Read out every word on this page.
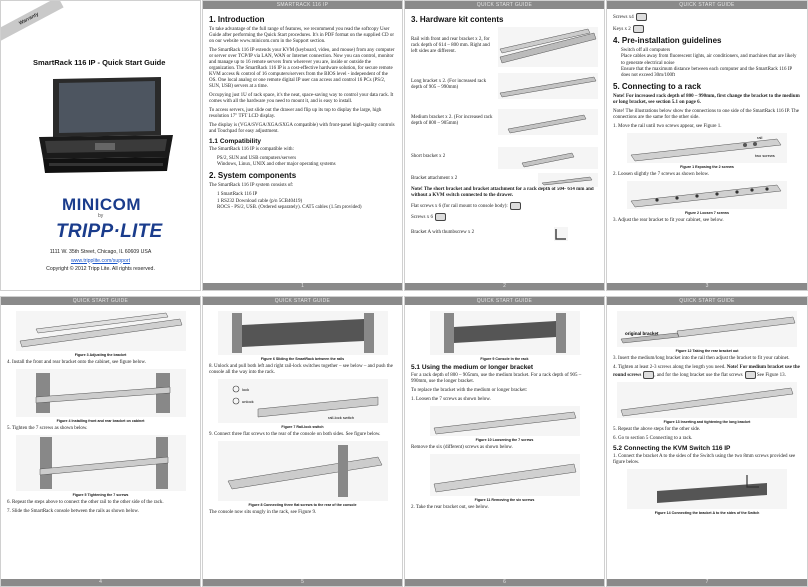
Warranty
SmartRack 116 IP - Quick Start Guide
MINICOM
by
TRIPP·LITE
1111 W. 35th Street, Chicago, IL 60609 USA
www.tripplite.com/support
Copyright © 2012 Tripp Lite. All rights reserved.
SMARTRACK 116 IP
1. Introduction

To take advantage of the full range of features, we recommend you read the softcopy User Guide after performing the Quick Start procedures. It's in PDF format on the supplied CD or on our website www.minicom.com in the Support section.

The SmartRack 116 IP extends your KVM (keyboard, video, and mouse) from any computer or server over TCP/IP via LAN, WAN or Internet connection. Now you can control, monitor and manage up to 16 remote servers from wherever you are, inside or outside the organization. The SmartRack 116 IP is a cost-effective hardware solution, for secure remote KVM access & control of 16 computers/servers from the BIOS level - independent of the OS. One local analog or one remote digital IP user can access and control 16 PCs (PS/2, SUN, USB) servers at a time.

Occupying just 1U of rack space, it's the neat, space-saving way to control your data rack. It comes with all the hardware you need to mount it, and is easy to install.

To access servers, just slide out the drawer and flip up its top to display the large, high resolution 17" TFT LCD display.

The display is (VGA/SVGA/XGA/SXGA compatible) with front-panel high-quality controls and Touchpad for easy adjustment.

1.1 Compatibility

The SmartRack 116 IP is compatible with:

• PS/2, SUN and USB computers/servers
• Windows, Linux, UNIX and other major operating systems
2. System components

The SmartRack 116 IP system consists of:

• 1 SmartRack 116 IP
• 1 RS232 Download cable (p/n 5CB40419)
• ROCS - PS/2, USB. (Ordered separately). CAT5 cables (1.5m provided)
1
QUICK START GUIDE
3. Hardware kit contents

Rail with front and rear bracket x 2, for rack depth of 614 – 800 mm. Right and left sides are different.

Long bracket x 2. (For increased rack depth of 905 – 990mm)

Medium bracket x 2. (For increased rack depth of 800 – 905mm)

Short bracket x 2

Bracket attachment x 2

Note! The short bracket and bracket attachment for a rack depth of 504- 614 mm and without a KVM switch connected to the drawer.

Flat screws x 6 (for rail mount to console body):

Screws x 6

Bracket A with thumbscrew x 2

2
QUICK START GUIDE

Screws x4

Keys x 2

4. Pre-installation guidelines
• Switch off all computers
• Place cables away from fluorescent lights, air conditioners, and machines that are likely to generate electrical noise
• Ensure that the maximum distance between each computer and the SmartRack 116 IP does not exceed 30m/100ft
5. Connecting to a rack

Note! For increased rack depth of 800 – 990mm, first change the bracket to the medium or long bracket, see section 5.1 on page 6.

Note! The illustrations below show the connections to one side of the SmartRack 116 IP. The connections are the same for the other side.

1. Move the rail until two screws appear, see Figure 1.

rail
two screws
Figure 1 Exposing the 2 screws

2. Loosen slightly the 7 screws as shown below.

Figure 2 Loosen 7 screws

3. Adjust the rear bracket to fit your cabinet, see below.

3
QUICK START GUIDE
Figure 3 Adjusting the bracket

4. Install the front and rear bracket onto the cabinet, see figure below.

Figure 4 Installing front and rear bracket on cabinet

5. Tighten the 7 screws as shown below.

Figure 5 Tightening the 7 screws

6. Repeat the steps above to connect the other rail to the other side of the rack.

7. Slide the SmartRack console between the rails as shown below.

4
QUICK START GUIDE
Figure 6 Sliding the SmartRack between the rails

8. Unlock and pull both left and right rail-lock switches together – see below – and push the console all the way into the rack.

lock
unlock
rail-lock switch
Figure 7 Rail-lock switch

9. Connect three flat screws to the rear of the console on both sides. See figure below.

Figure 8 Connecting three flat screws to the rear of the console

The console now sits snugly in the rack, see Figure 9.

5
QUICK START GUIDE
Figure 9 Console in the rack
5.1 Using the medium or longer bracket

For a rack depth of 800 – 905mm, use the medium bracket. For a rack depth of 905 – 990mm, use the longer bracket.

To replace the bracket with the medium or longer bracket:

1. Loosen the 7 screws as shown below.

Figure 10 Loosening the 7 screws

Remove the six (different) screws as shown below.

Figure 11 Removing the six screws

2. Take the rear bracket out, see below.

6
QUICK START GUIDE
original bracket
Figure 12 Taking the rear bracket out

3. Insert the medium/long bracket into the rail then adjust the bracket to fit your cabinet.

4. Tighten at least 2-3 screws along the length you need. Note! For medium bracket use the round screws	, and for the long bracket use the flat screws	See Figure 13.

Figure 13 Inserting and tightening the long bracket

5. Repeat the above steps for the other side.

6. Go to section 5 Connecting to a rack.

5.2 Connecting the KVM Switch 116 IP

1. Connect the bracket A to the sides of the Switch using the two 8mm screws provided see figure below.

Figure 14 Connecting the bracket A to the sides of the Switch
7
